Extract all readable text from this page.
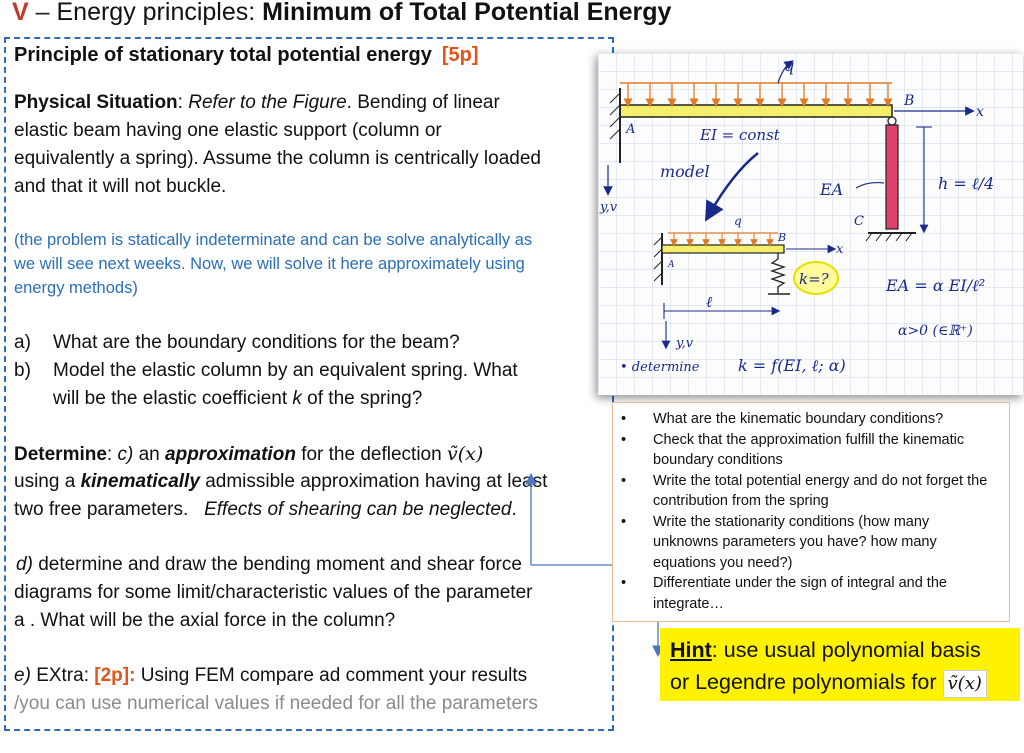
V – Energy principles: Minimum of Total Potential Energy
Principle of stationary total potential energy [5p]
Physical Situation: Refer to the Figure. Bending of linear
elastic beam having one elastic support (column or
equivalently a spring). Assume the column is centrically loaded
and that it will not buckle.
(the problem is statically indeterminate and can be solve analytically as
we will see next weeks. Now, we will solve it here approximately using
energy methods)
a) What are the boundary conditions for the beam?
b) Model the elastic column by an equivalent spring. What
will be the elastic coefficient k of the spring?
Determine: c) an approximation for the deflection ṽ(x)
using a kinematically admissible approximation having at least
two free parameters. Effects of shearing can be neglected.
d) determine and draw the bending moment and shear force
diagrams for some limit/characteristic values of the parameter
a . What will be the axial force in the column?
e) EXtra: [2p]: Using FEM compare ad comment your results
/you can use numerical values if needed for all the parameters
q
A
B
x
EI = const
C
EA	h = ℓ/4
model
y,v
q
A
B
x
k=?
ℓ
y,v
EA = α EI/ℓ²
α>0 (∈ℝ⁺)
• determine k = f(EI, ℓ; α)
• What are the kinematic boundary conditions?
• Check that the approximation fulfill the kinematic boundary conditions
• Write the total potential energy and do not forget the contribution from the spring
• Write the stationarity conditions (how many unknowns parameters you have? how many equations you need?)
• Differentiate under the sign of integral and the integrate…
Hint: use usual polynomial basis
or Legendre polynomials for ṽ(x)
